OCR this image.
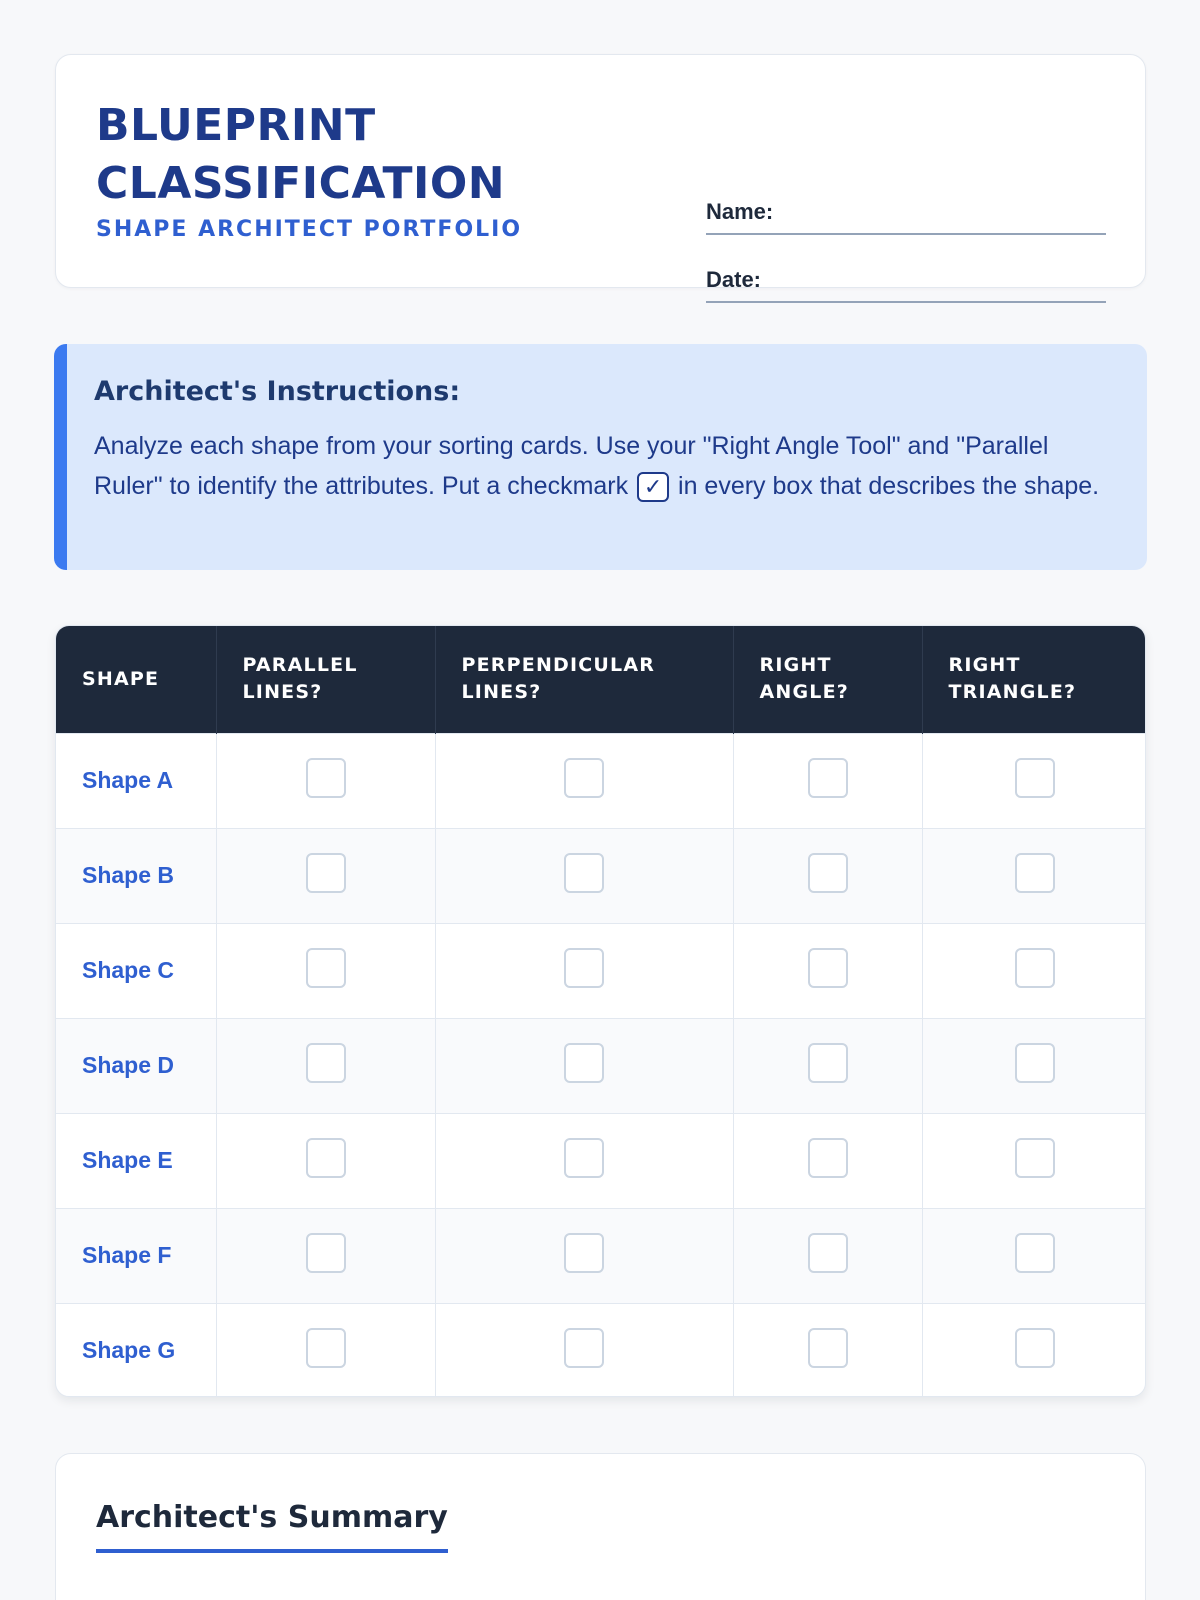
BLUEPRINT CLASSIFICATION
SHAPE ARCHITECT PORTFOLIO
Name:
Date:
Architect's Instructions:

Analyze each shape from your sorting cards. Use your "Right Angle Tool" and "Parallel Ruler" to identify the attributes. Put a checkmark ✓ in every box that describes the shape.

SHAPE	PARALLEL LINES?	PERPENDICULAR LINES?	RIGHT ANGLE?	RIGHT TRIANGLE?
Shape A				
Shape B				
Shape C				
Shape D				
Shape E				
Shape F				
Shape G				
Architect's Summary
